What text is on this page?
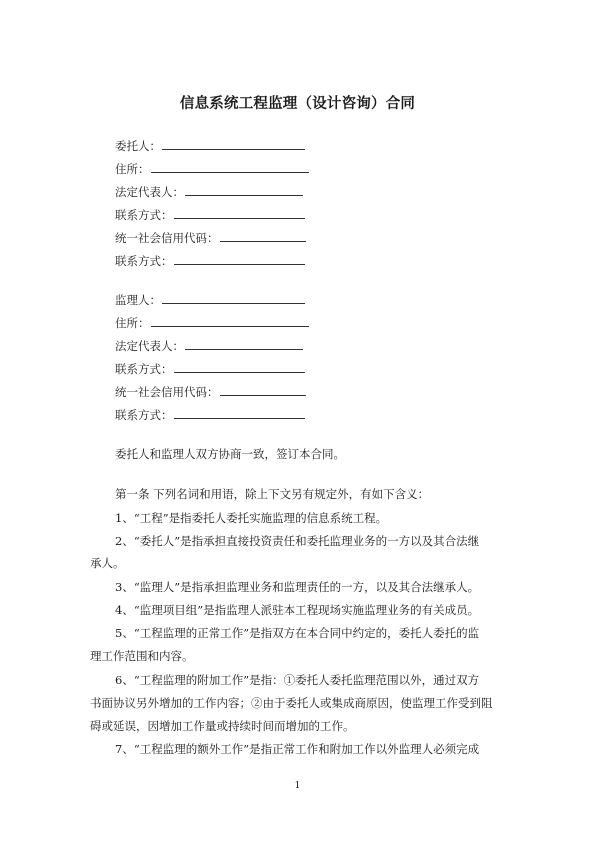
信息系统工程监理（设计咨询）合同
委托人：
住所：
法定代表人：
联系方式：
统一社会信用代码：
联系方式：
监理人：
住所：
法定代表人：
联系方式：
统一社会信用代码：
联系方式：
委托人和监理人双方协商一致，签订本合同。
第一条 下列名词和用语，除上下文另有规定外，有如下含义：
1、“工程”是指委托人委托实施监理的信息系统工程。
2、“委托人”是指承担直接投资责任和委托监理业务的一方以及其合法继
承人。
3、“监理人”是指承担监理业务和监理责任的一方，以及其合法继承人。
4、“监理项目组”是指监理人派驻本工程现场实施监理业务的有关成员。
5、“工程监理的正常工作”是指双方在本合同中约定的，委托人委托的监
理工作范围和内容。
6、“工程监理的附加工作”是指：①委托人委托监理范围以外，通过双方
书面协议另外增加的工作内容；②由于委托人或集成商原因，使监理工作受到阻
碍或延误，因增加工作量或持续时间而增加的工作。
7、“工程监理的额外工作”是指正常工作和附加工作以外监理人必须完成
1
